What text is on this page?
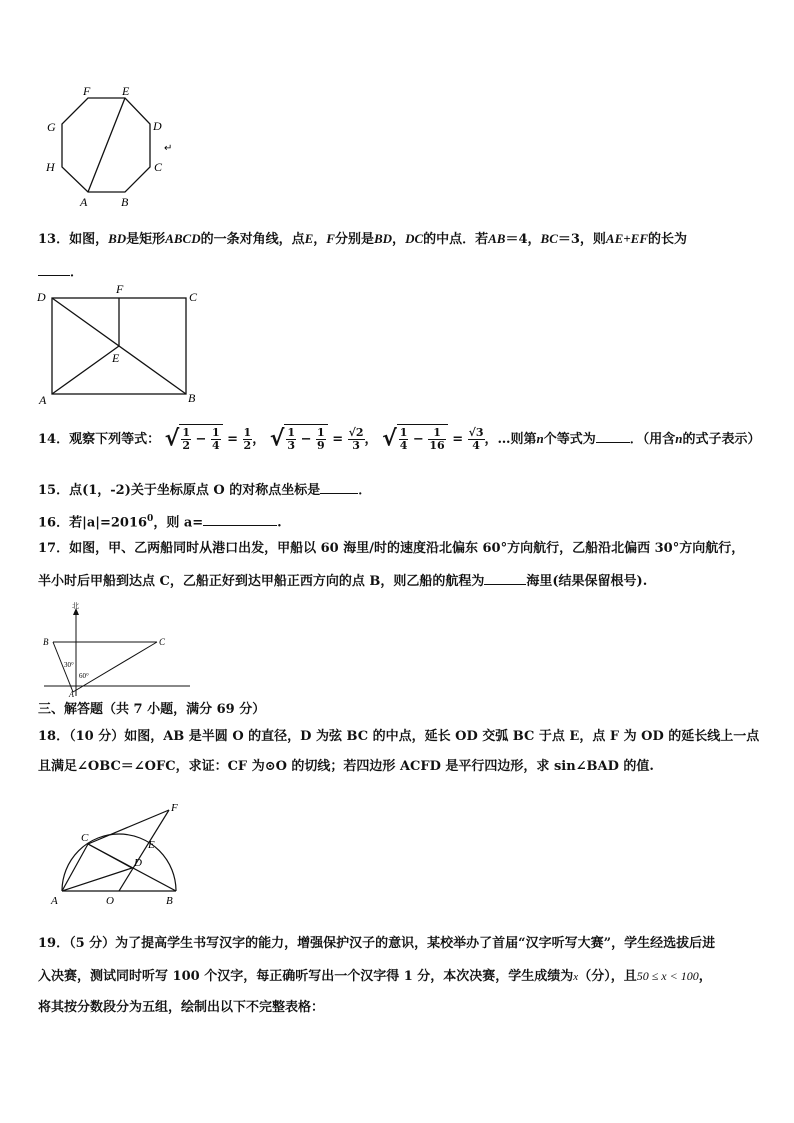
F	E
D
C
B
A
H
G
↵
13．如图，BD是矩形ABCD的一条对角线，点E，F分别是BD，DC的中点．若AB＝4，BC＝3，则AE+EF的长为
．
D
F
C
E
A	B
14．观察下列等式： √ $\frac{1}{2} - \frac{1}{4} = \frac{1}{2}$ ， √ $\frac{1}{3} - \frac{1}{9} = \frac{√2}{3}$ ， √ $\frac{1}{4} - \frac{1}{16} = \frac{√3}{4}$ ，…则第n个等式为	．（用含n的式子表示）
15．点(1，-2)关于坐标原点 O 的对称点坐标是	．
16．若$|a|=2016^0$，则 a=	.
17．如图，甲、乙两船同时从港口出发，甲船以 60 海里/时的速度沿北偏东 60°方向航行，乙船沿北偏西 30°方向航行，
半小时后甲船到达点 C，乙船正好到达甲船正西方向的点 B，则乙船的航程为	海里(结果保留根号).
北
B	C
A
30°
60°
三、解答题（共 7 小题，满分 69 分）
18．（10 分）如图，AB 是半圆 O 的直径，D 为弦 BC 的中点，延长 OD 交弧 BC 于点 E，点 F 为 OD 的延长线上一点
且满足∠OBC＝∠OFC，求证：CF 为⊙O 的切线；若四边形 ACFD 是平行四边形，求 sin∠BAD 的值.
F
C
E
D
A	O	B
19．（5 分）为了提高学生书写汉字的能力，增强保护汉子的意识，某校举办了首届“汉字听写大赛”，学生经选拔后进
入决赛，测试同时听写 100 个汉字，每正确听写出一个汉字得 1 分，本次决赛，学生成绩为x（分），且50 ≤ x < 100，
将其按分数段分为五组，绘制出以下不完整表格：
